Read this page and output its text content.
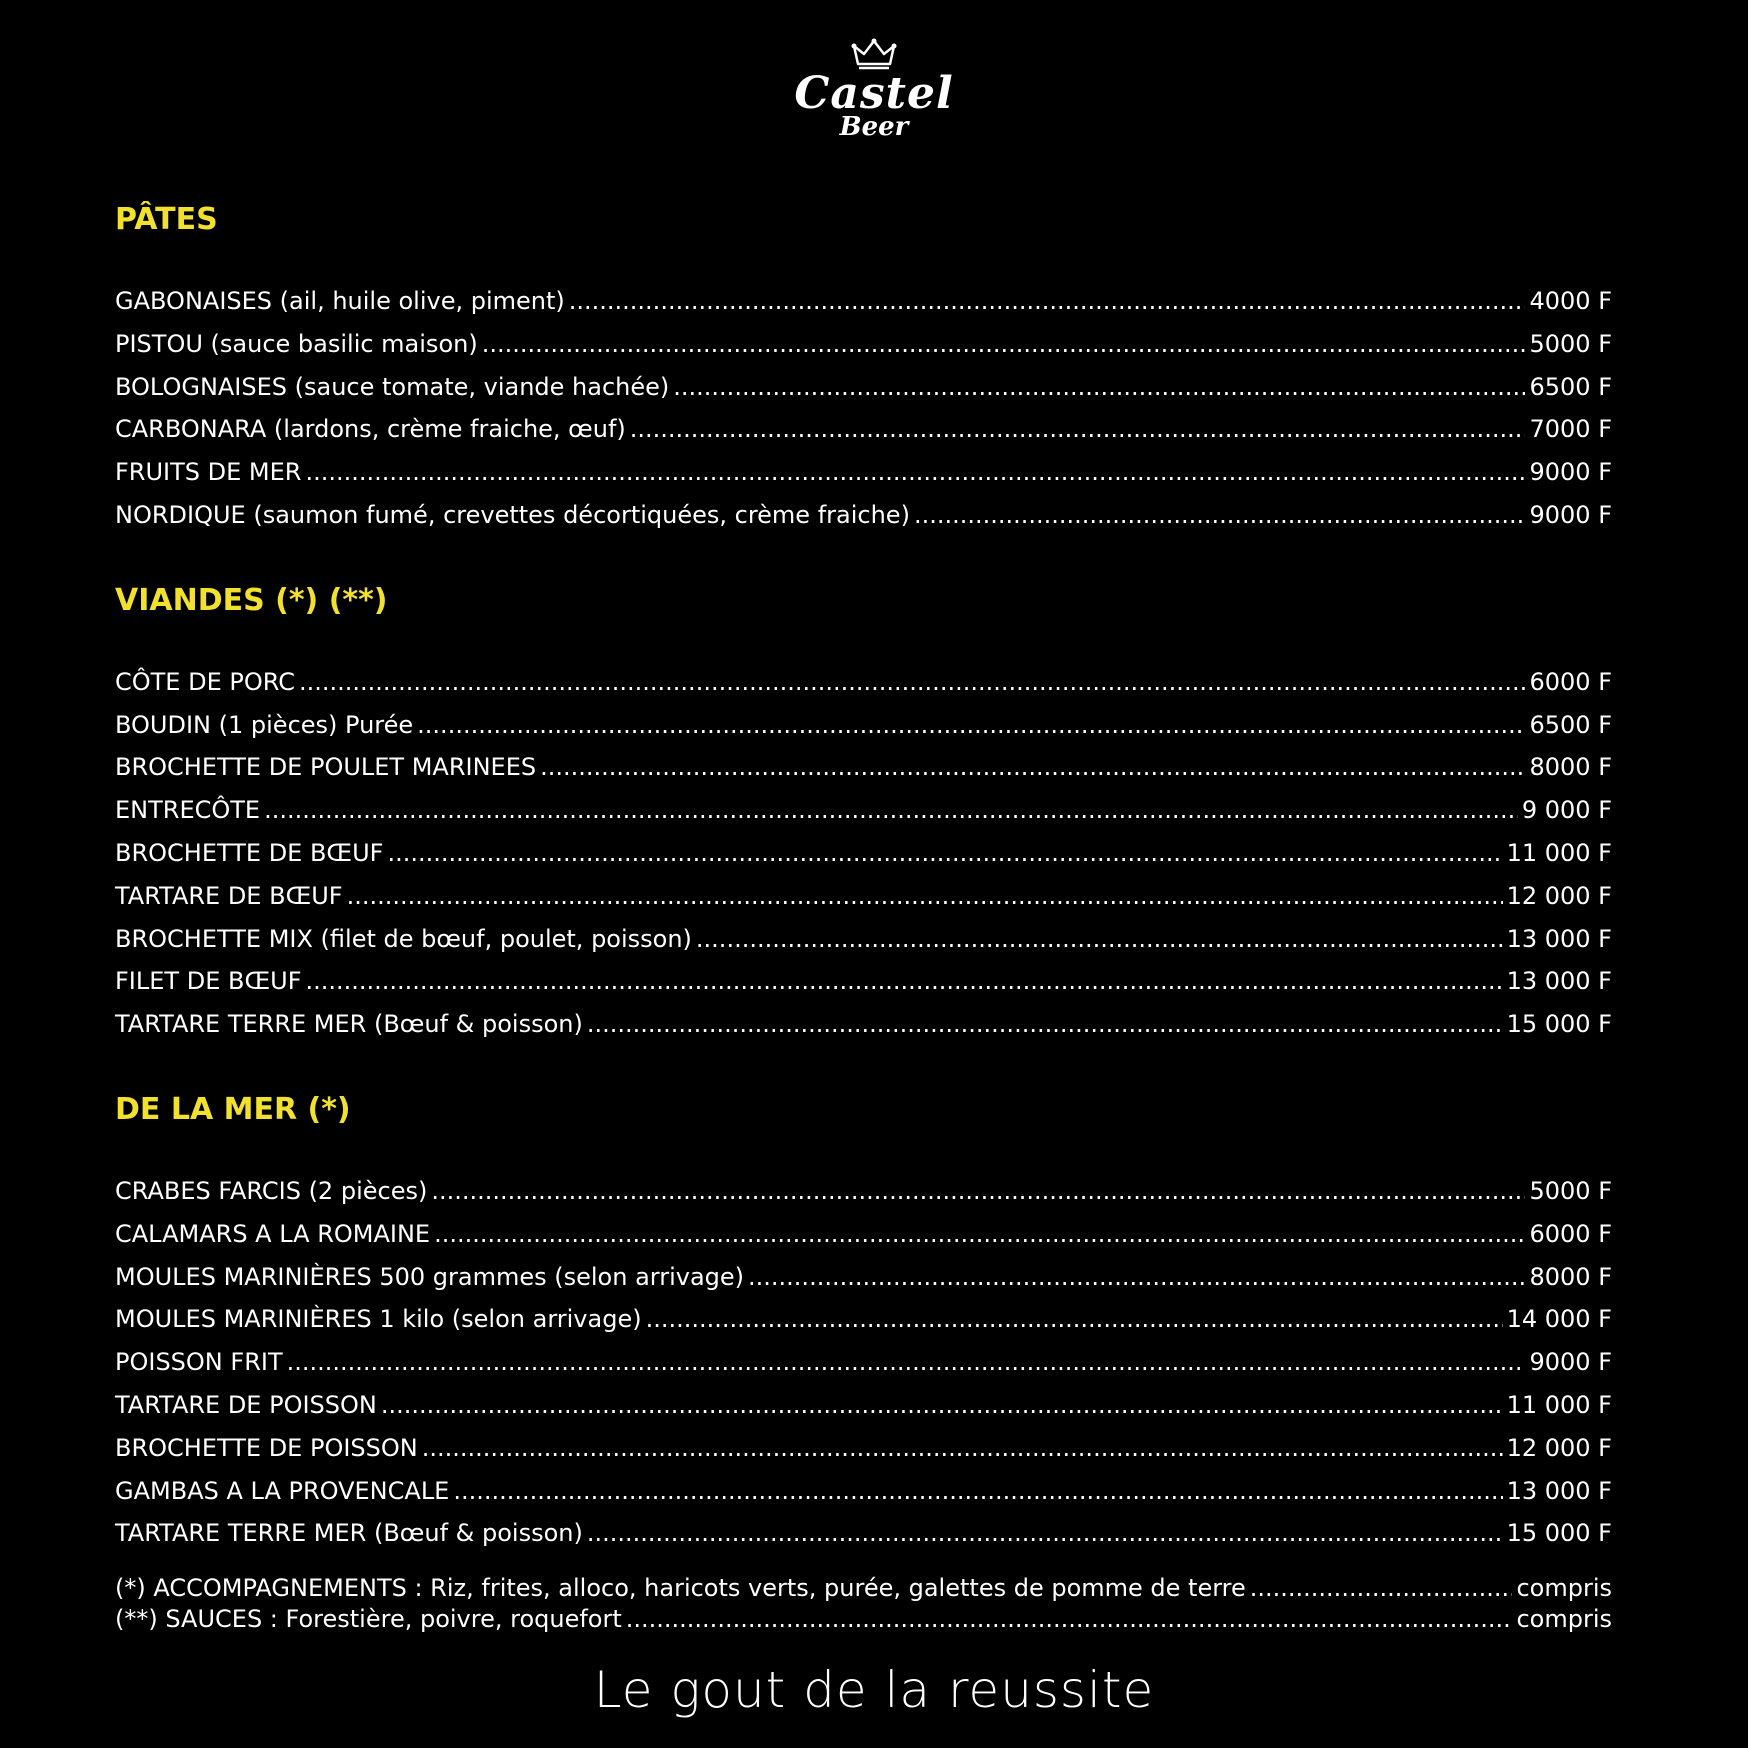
Castel
Beer
PÂTES
GABONAISES (ail, huile olive, piment) .....	4000 F
PISTOU (sauce basilic maison) .....	5000 F
BOLOGNAISES (sauce tomate, viande hachée) .....	6500 F
CARBONARA (lardons, crème fraiche, œuf) .....	7000 F
FRUITS DE MER .....	9000 F
NORDIQUE (saumon fumé, crevettes décortiquées, crème fraiche) .....	9000 F
VIANDES (*) (**)
CÔTE DE PORC .....	6000 F
BOUDIN (1 pièces) Purée .....	6500 F
BROCHETTE DE POULET MARINEES .....	8000 F
ENTRECÔTE .....	9 000 F
BROCHETTE DE BŒUF .....	11 000 F
TARTARE DE BŒUF .....	12 000 F
BROCHETTE MIX (filet de bœuf, poulet, poisson) .....	13 000 F
FILET DE BŒUF .....	13 000 F
TARTARE TERRE MER (Bœuf & poisson) .....	15 000 F
DE LA MER (*)
CRABES FARCIS (2 pièces) .....	5000 F
CALAMARS A LA ROMAINE .....	6000 F
MOULES MARINIÈRES 500 grammes (selon arrivage) .....	8000 F
MOULES MARINIÈRES 1 kilo (selon arrivage) .....	14 000 F
POISSON FRIT .....	9000 F
TARTARE DE POISSON .....	11 000 F
BROCHETTE DE POISSON .....	12 000 F
GAMBAS A LA PROVENCALE .....	13 000 F
TARTARE TERRE MER (Bœuf & poisson) .....	15 000 F
(*) ACCOMPAGNEMENTS : Riz, frites, alloco, haricots verts, purée, galettes de pomme de terre .....	compris
(**) SAUCES : Forestière, poivre, roquefort .....	compris
Le gout de la reussite
